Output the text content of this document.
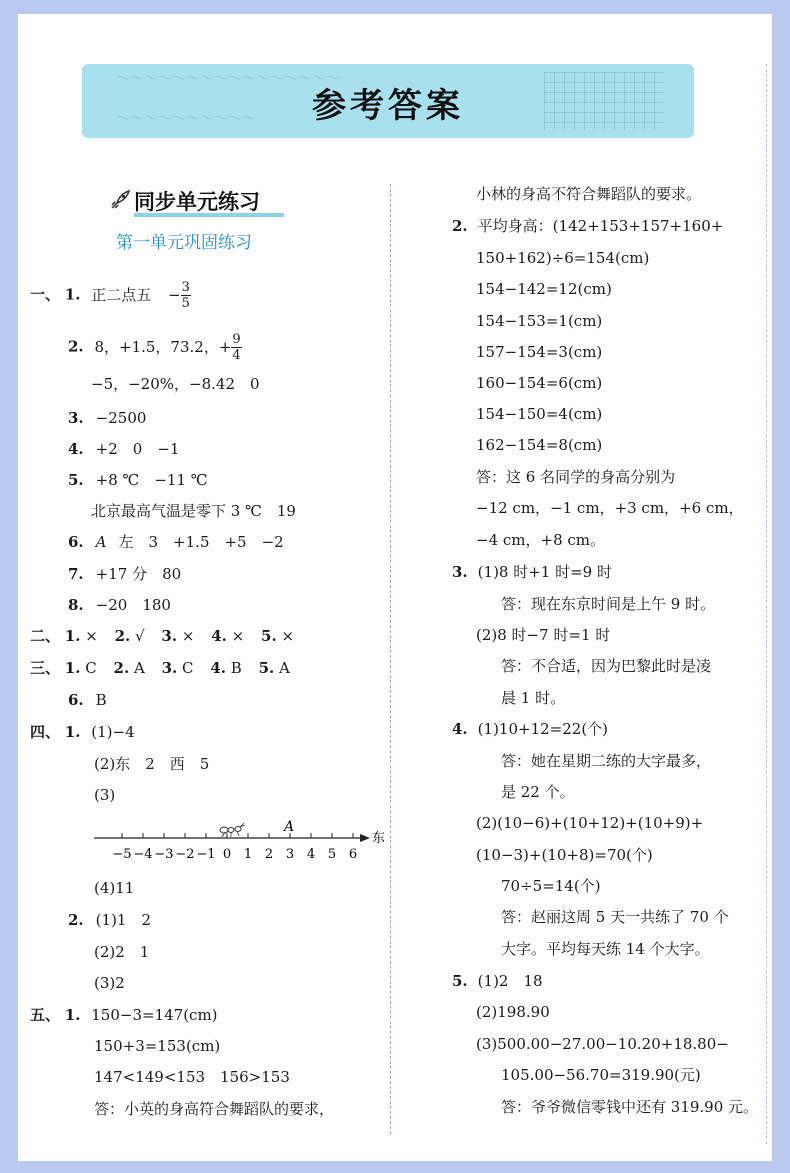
〜〜〜〜〜〜〜〜〜〜〜〜〜〜〜〜
〜〜〜〜〜〜〜〜〜〜	参考答案
同步单元练习
第一单元巩固练习
一、 1. 正二点五 − $\frac{3}{5}$
2. 8，+1.5，73.2，+ $\frac{9}{4}$
−5，−20%，−8.42　0
3. −2500
4. +2　0　−1
5. +8 ℃　−11 ℃
北京最高气温是零下 3 ℃　19
6. A 左　3　+1.5　+5　−2
7. +17 分　80
8. −20　180
二、 1. × 2. √ 3. × 4. × 5. ×
三、 1. C 2. A 3. C 4. B 5. A
6. B
四、 1. (1)−4
(2)东　2　西　5
(3)
−5 −4 −3 −2 −1 0 1 2 3 4 5 6
A
东
(4)11
2. (1)1　2
(2)2　1
(3)2
五、 1. 150−3=147(cm)
150+3=153(cm)
147<149<153　156>153
答：小英的身高符合舞蹈队的要求，
小林的身高不符合舞蹈队的要求。
2. 平均身高：(142+153+157+160+
150+162)÷6=154(cm)
154−142=12(cm)
154−153=1(cm)
157−154=3(cm)
160−154=6(cm)
154−150=4(cm)
162−154=8(cm)
答：这 6 名同学的身高分别为
−12 cm，−1 cm，+3 cm，+6 cm，
−4 cm，+8 cm。
3. (1)8 时+1 时=9 时
答：现在东京时间是上午 9 时。
(2)8 时−7 时=1 时
答：不合适，因为巴黎此时是凌
晨 1 时。
4. (1)10+12=22(个)
答：她在星期二练的大字最多，
是 22 个。
(2)(10−6)+(10+12)+(10+9)+
(10−3)+(10+8)=70(个)
70÷5=14(个)
答：赵丽这周 5 天一共练了 70 个
大字。平均每天练 14 个大字。
5. (1)2　18
(2)198.90
(3)500.00−27.00−10.20+18.80−
105.00−56.70=319.90(元)
答：爷爷微信零钱中还有 319.90 元。
